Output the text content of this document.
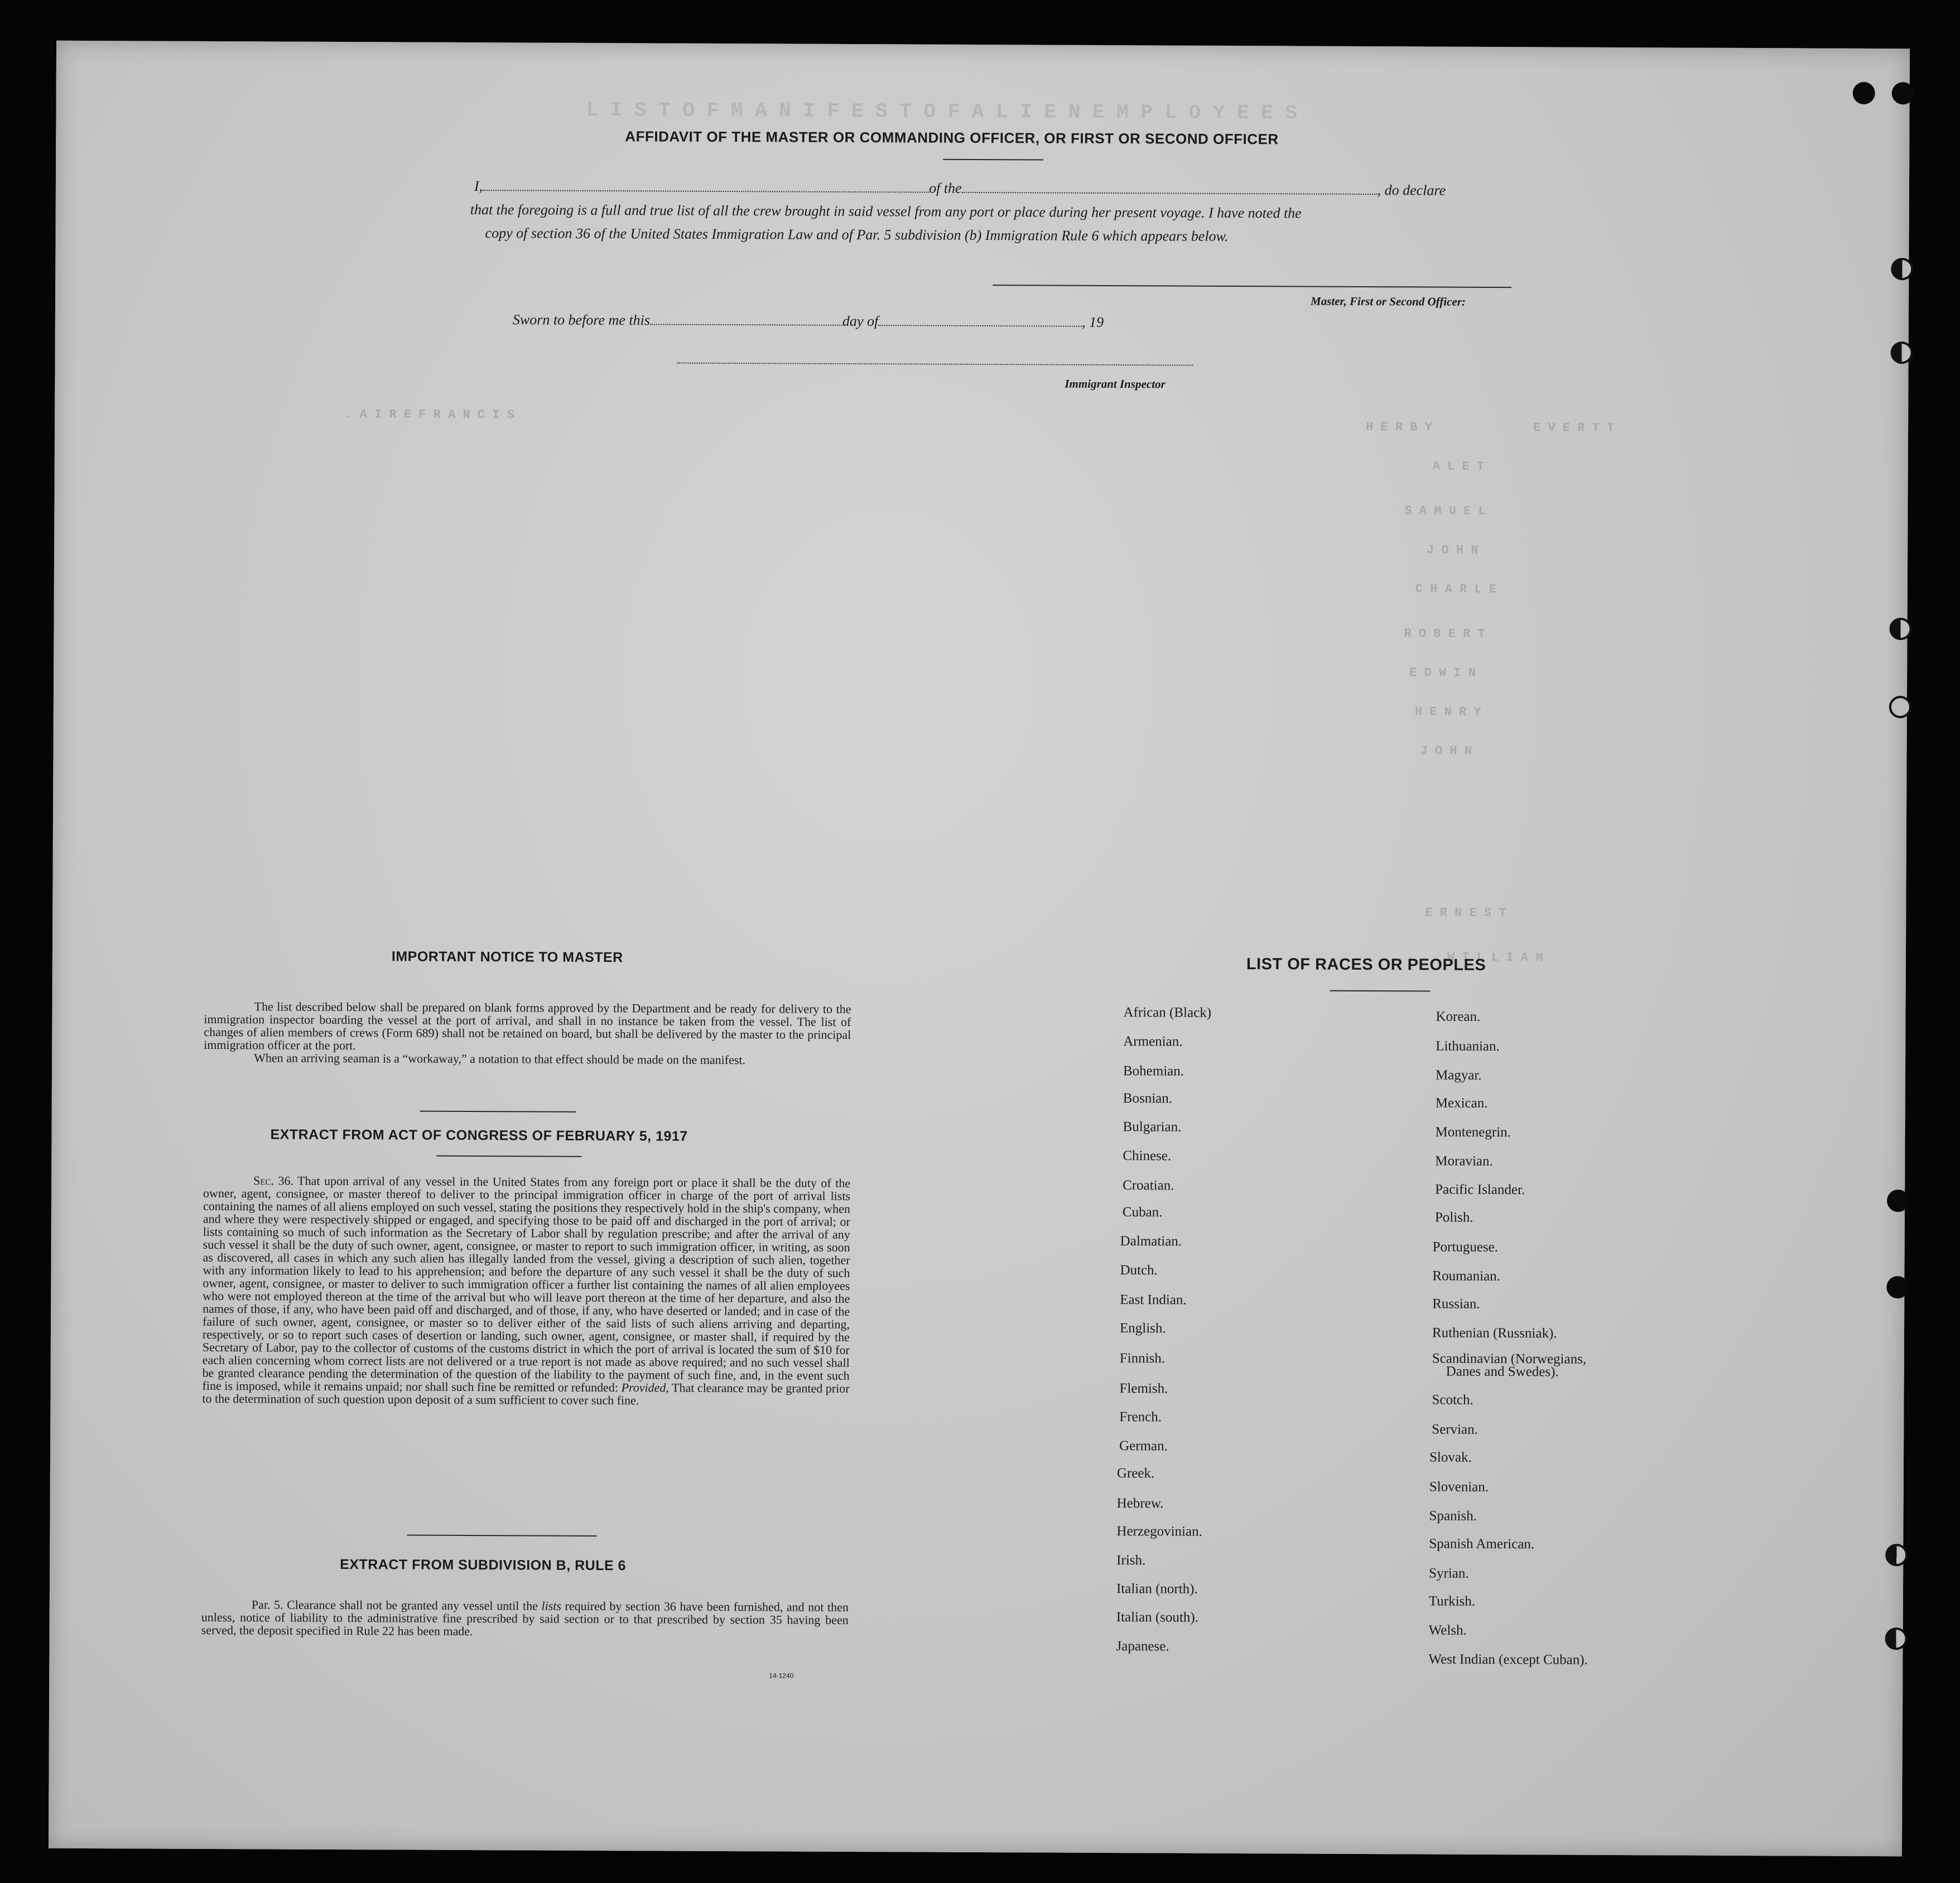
H E R B Y	E V E R T T
A L E T
S A M U E L
J O H N
C H A R L E
R O B E R T
E D W I N
H E N R Y
J O H N
E R N E S T
W I L L I A M
. A I R E F R A N C I S
L I S T O F M A N I F E S T O F A L I E N E M P L O Y E E S
AFFIDAVIT OF THE MASTER OR COMMANDING OFFICER, OR FIRST OR SECOND OFFICER
I,	of the	, do declare
that the foregoing is a full and true list of all the crew brought in said vessel from any port or place during her present voyage. I have noted the
copy of section 36 of the United States Immigration Law and of Par. 5 subdivision (b) Immigration Rule 6 which appears below.
Master, First or Second Officer:
Sworn to before me this	day of	, 19
Immigrant Inspector
IMPORTANT NOTICE TO MASTER
The list described below shall be prepared on blank forms approved by the Department and be ready for delivery to the immigration inspector boarding the vessel at the port of arrival, and shall in no instance be taken from the vessel. The list of changes of alien members of crews (Form 689) shall not be retained on board, but shall be delivered by the master to the principal immigration officer at the port.
When an arriving seaman is a “workaway,” a notation to that effect should be made on the manifest.
EXTRACT FROM ACT OF CONGRESS OF FEBRUARY 5, 1917
Sec. 36. That upon arrival of any vessel in the United States from any foreign port or place it shall be the duty of the owner, agent, consignee, or master thereof to deliver to the principal immigration officer in charge of the port of arrival lists containing the names of all aliens employed on such vessel, stating the positions they respectively hold in the ship's company, when and where they were respectively shipped or engaged, and specifying those to be paid off and discharged in the port of arrival; or lists containing so much of such information as the Secretary of Labor shall by regulation prescribe; and after the arrival of any such vessel it shall be the duty of such owner, agent, consignee, or master to report to such immigration officer, in writing, as soon as discovered, all cases in which any such alien has illegally landed from the vessel, giving a description of such alien, together with any information likely to lead to his apprehension; and before the departure of any such vessel it shall be the duty of such owner, agent, consignee, or master to deliver to such immigration officer a further list containing the names of all alien employees who were not employed thereon at the time of the arrival but who will leave port thereon at the time of her departure, and also the names of those, if any, who have been paid off and discharged, and of those, if any, who have deserted or landed; and in case of the failure of such owner, agent, consignee, or master so to deliver either of the said lists of such aliens arriving and departing, respectively, or so to report such cases of desertion or landing, such owner, agent, consignee, or master shall, if required by the Secretary of Labor, pay to the collector of customs of the customs district in which the port of arrival is located the sum of $10 for each alien concerning whom correct lists are not delivered or a true report is not made as above required; and no such vessel shall be granted clearance pending the determination of the question of the liability to the payment of such fine, and, in the event such fine is imposed, while it remains unpaid; nor shall such fine be remitted or refunded: Provided, That clearance may be granted prior to the determination of such question upon deposit of a sum sufficient to cover such fine.
EXTRACT FROM SUBDIVISION B, RULE 6
Par. 5. Clearance shall not be granted any vessel until the lists required by section 36 have been furnished, and not then unless, notice of liability to the administrative fine prescribed by said section or to that prescribed by section 35 having been served, the deposit specified in Rule 22 has been made.
14-1240
LIST OF RACES OR PEOPLES
African (Black)
Armenian.
Bohemian.
Bosnian.
Bulgarian.
Chinese.
Croatian.
Cuban.
Dalmatian.
Dutch.
East Indian.
English.
Finnish.
Flemish.
French.
German.
Greek.
Hebrew.
Herzegovinian.
Irish.
Italian (north).
Italian (south).
Japanese.
Korean.
Lithuanian.
Magyar.
Mexican.
Montenegrin.
Moravian.
Pacific Islander.
Polish.
Portuguese.
Roumanian.
Russian.
Ruthenian (Russniak).
Scandinavian (Norwegians,
Danes and Swedes).
Scotch.
Servian.
Slovak.
Slovenian.
Spanish.
Spanish American.
Syrian.
Turkish.
Welsh.
West Indian (except Cuban).
